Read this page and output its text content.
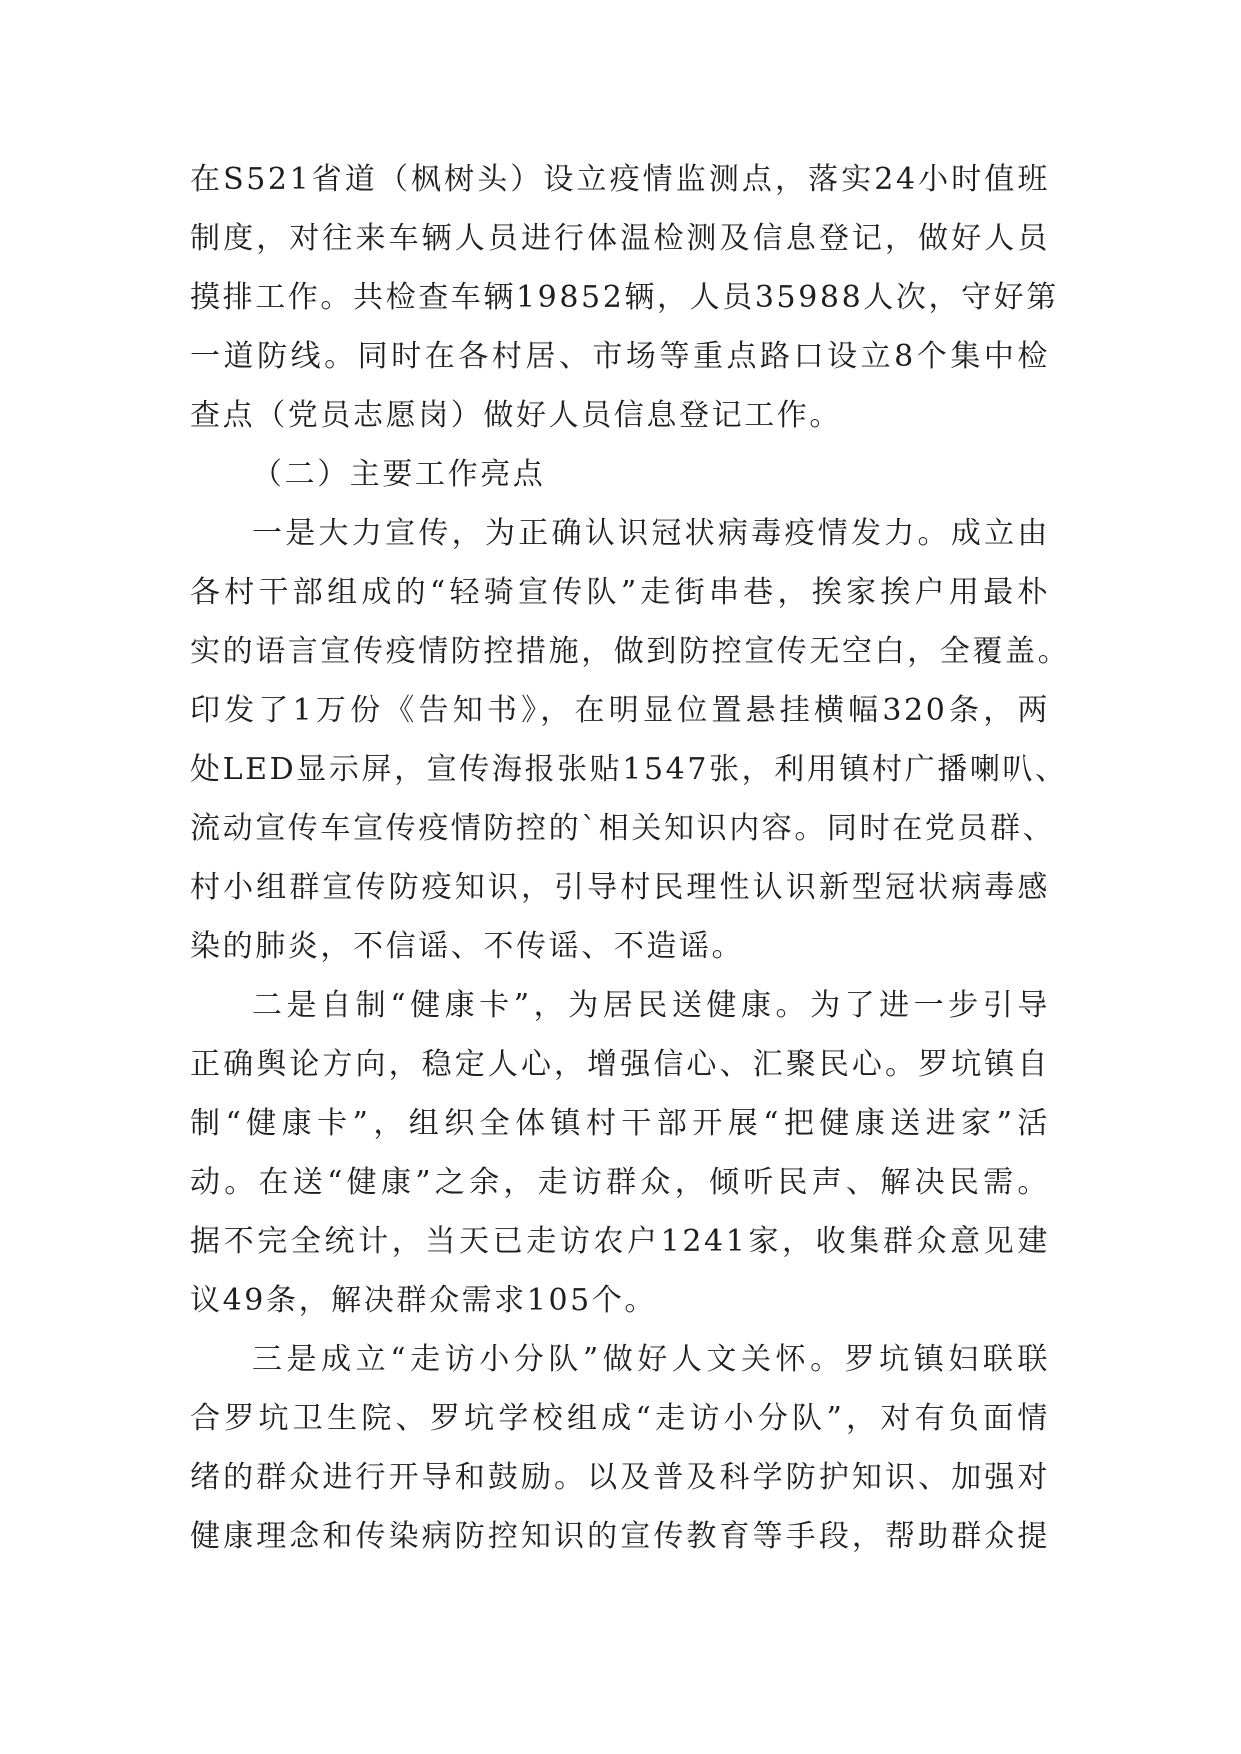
在S521省道（枫树头）设立疫情监测点，落实24小时值班
制度，对往来车辆人员进行体温检测及信息登记，做好人员
摸排工作。共检查车辆19852辆，人员35988人次，守好第
一道防线。同时在各村居、市场等重点路口设立8个集中检
查点（党员志愿岗）做好人员信息登记工作。
（二）主要工作亮点
一是大力宣传，为正确认识冠状病毒疫情发力。成立由
各村干部组成的“轻骑宣传队”走街串巷，挨家挨户用最朴
实的语言宣传疫情防控措施，做到防控宣传无空白，全覆盖。
印发了1万份《告知书》，在明显位置悬挂横幅320条，两
处LED显示屏，宣传海报张贴1547张，利用镇村广播喇叭、
流动宣传车宣传疫情防控的`相关知识内容。同时在党员群、
村小组群宣传防疫知识，引导村民理性认识新型冠状病毒感
染的肺炎，不信谣、不传谣、不造谣。
二是自制“健康卡”，为居民送健康。为了进一步引导
正确舆论方向，稳定人心，增强信心、汇聚民心。罗坑镇自
制“健康卡”，组织全体镇村干部开展“把健康送进家”活
动。在送“健康”之余，走访群众，倾听民声、解决民需。
据不完全统计，当天已走访农户1241家，收集群众意见建
议49条，解决群众需求105个。
三是成立“走访小分队”做好人文关怀。罗坑镇妇联联
合罗坑卫生院、罗坑学校组成“走访小分队”，对有负面情
绪的群众进行开导和鼓励。以及普及科学防护知识、加强对
健康理念和传染病防控知识的宣传教育等手段，帮助群众提
